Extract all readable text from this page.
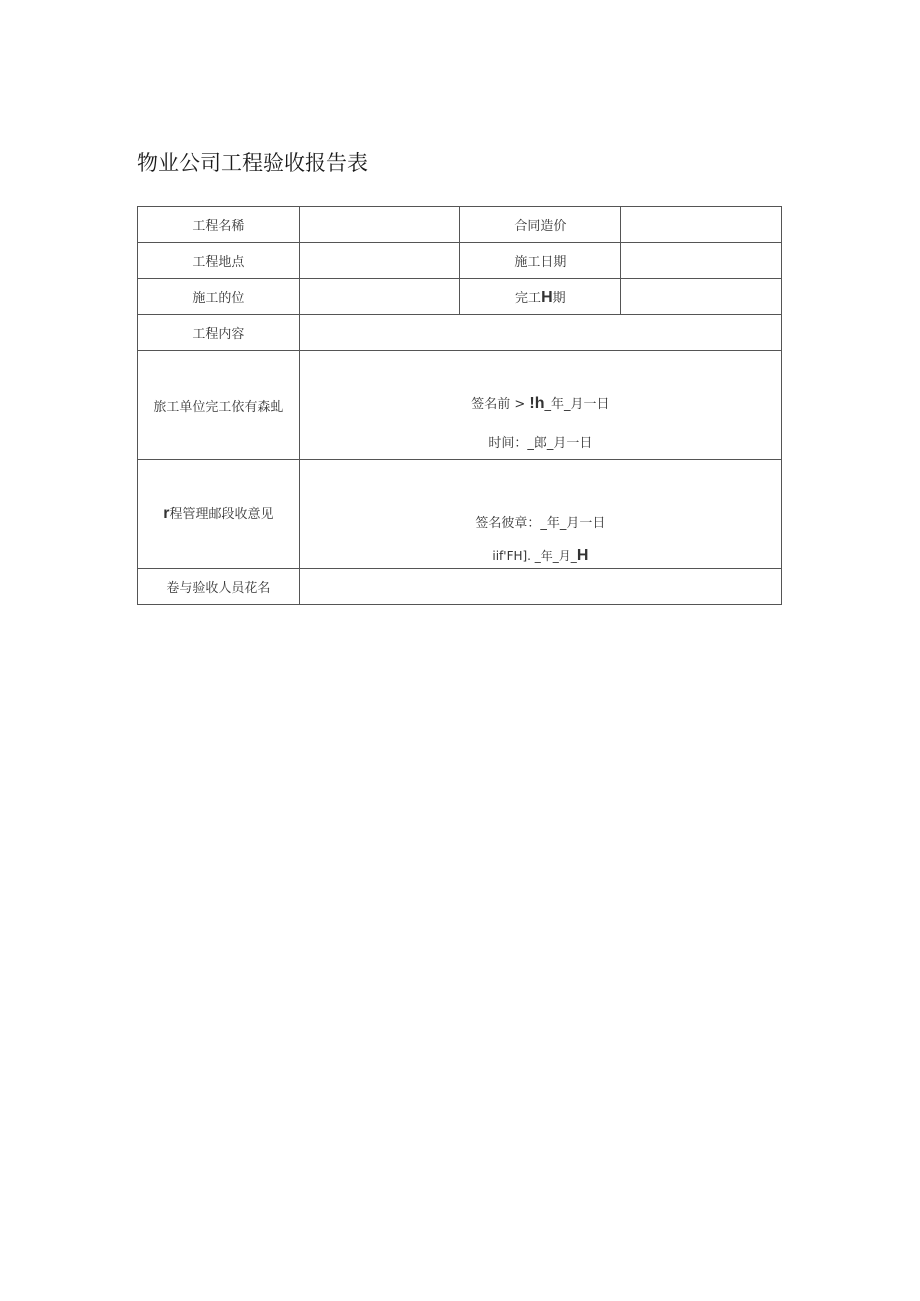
物业公司工程验收报告表
工程名稀		合同造价	
工程地点		施工日期	
施工的位		完工H期	
工程内容			
旅工单位完工依有森虬	签名前 > !h_年_月一日
时间：_郎_月一日		

r程管理邮段收意见	签名彼章：_年_月一日
iif'FH]. _年_月_H		

卷与验收人员花名			
